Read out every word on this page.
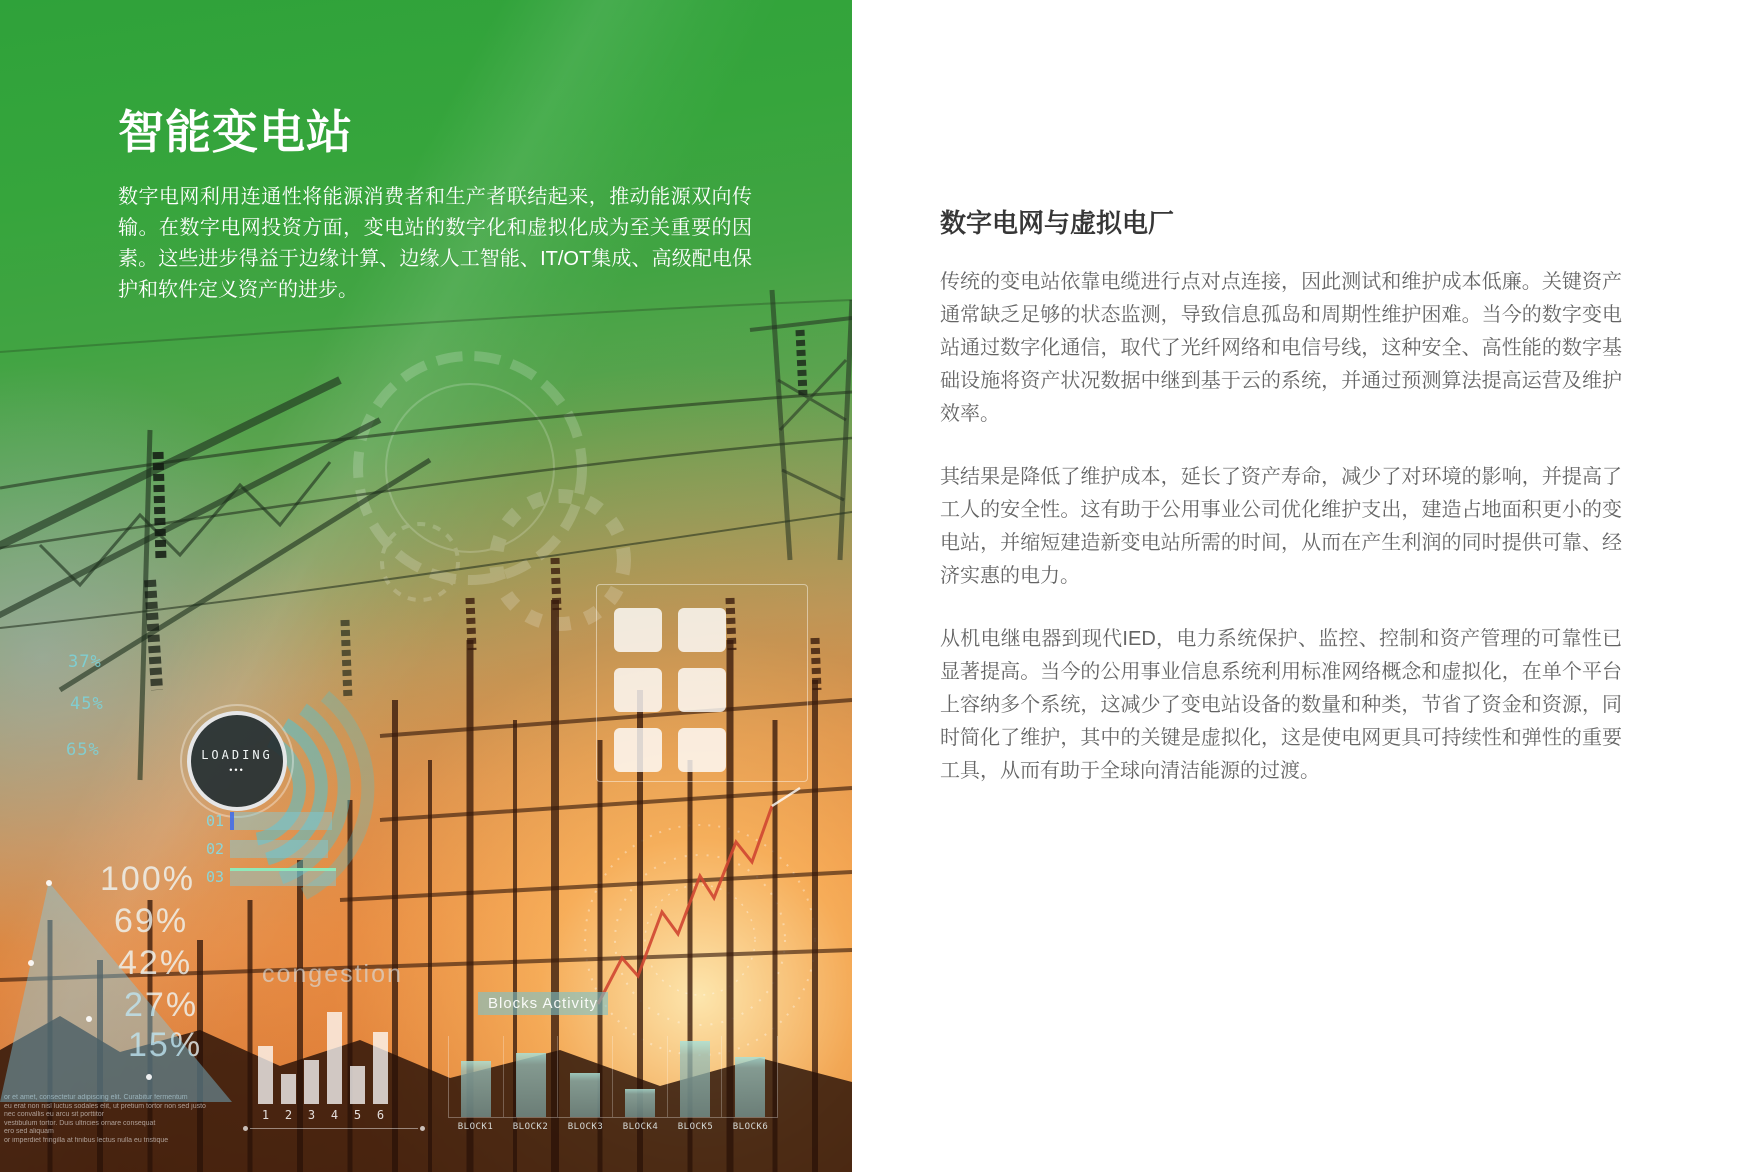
37%
45%
65%	LOADING
•••
01
02
03
100%
69%
42%
27%
15%
congestion
1	2	3	4	5	6
or et amet, consectetur adipiscing elit. Curabitur fermentum
eu erat non nisl luctus sodales elit, ut pretium tortor non sed justo
nec convallis eu arcu sit porttitor
vestibulum tortor. Duis ultricies ornare consequat
ero sed aliquam
or imperdiet fringilla at finibus lectus nulla eu tristique
Blocks Activity
BLOCK1	BLOCK2	BLOCK3	BLOCK4	BLOCK5	BLOCK6
智能变电站

数字电网利用连通性将能源消费者和生产者联结起来，推动能源双向传输。在数字电网投资方面，变电站的数字化和虚拟化成为至关重要的因素。这些进步得益于边缘计算、边缘人工智能、IT/OT集成、高级配电保护和软件定义资产的进步。

数字电网与虚拟电厂

传统的变电站依靠电缆进行点对点连接，因此测试和维护成本低廉。关键资产通常缺乏足够的状态监测，导致信息孤岛和周期性维护困难。当今的数字变电站通过数字化通信，取代了光纤网络和电信号线，这种安全、高性能的数字基础设施将资产状况数据中继到基于云的系统，并通过预测算法提高运营及维护效率。

其结果是降低了维护成本，延长了资产寿命，减少了对环境的影响，并提高了工人的安全性。这有助于公用事业公司优化维护支出，建造占地面积更小的变电站，并缩短建造新变电站所需的时间，从而在产生利润的同时提供可靠、经济实惠的电力。

从机电继电器到现代IED，电力系统保护、监控、控制和资产管理的可靠性已显著提高。当今的公用事业信息系统利用标准网络概念和虚拟化，在单个平台上容纳多个系统，这减少了变电站设备的数量和种类，节省了资金和资源，同时简化了维护，其中的关键是虚拟化，这是使电网更具可持续性和弹性的重要工具，从而有助于全球向清洁能源的过渡。
